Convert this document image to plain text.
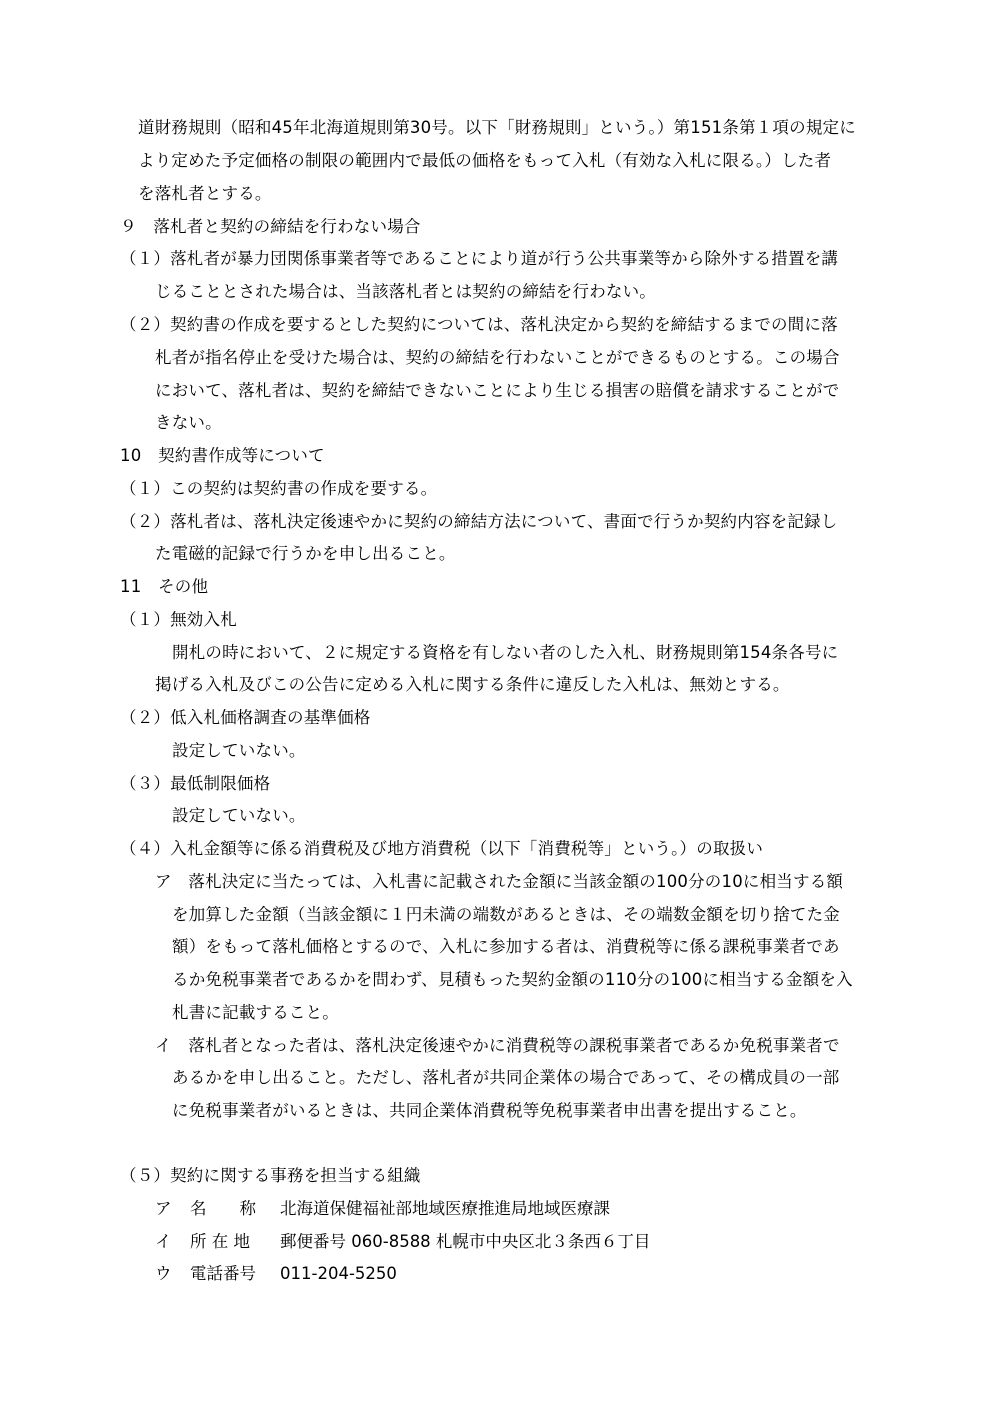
道財務規則（昭和45年北海道規則第30号。以下「財務規則」という。）第151条第１項の規定に
より定めた予定価格の制限の範囲内で最低の価格をもって入札（有効な入札に限る。）した者
を落札者とする。
９　落札者と契約の締結を行わない場合
（１）落札者が暴力団関係事業者等であることにより道が行う公共事業等から除外する措置を講
じることとされた場合は、当該落札者とは契約の締結を行わない。
（２）契約書の作成を要するとした契約については、落札決定から契約を締結するまでの間に落
札者が指名停止を受けた場合は、契約の締結を行わないことができるものとする。この場合
において、落札者は、契約を締結できないことにより生じる損害の賠償を請求することがで
きない。
10　契約書作成等について
（１）この契約は契約書の作成を要する。
（２）落札者は、落札決定後速やかに契約の締結方法について、書面で行うか契約内容を記録し
た電磁的記録で行うかを申し出ること。
11　その他
（１）無効入札
開札の時において、２に規定する資格を有しない者のした入札、財務規則第154条各号に
掲げる入札及びこの公告に定める入札に関する条件に違反した入札は、無効とする。
（２）低入札価格調査の基準価格
設定していない。
（３）最低制限価格
設定していない。
（４）入札金額等に係る消費税及び地方消費税（以下「消費税等」という。）の取扱い
ア　落札決定に当たっては、入札書に記載された金額に当該金額の100分の10に相当する額
を加算した金額（当該金額に１円未満の端数があるときは、その端数金額を切り捨てた金
額）をもって落札価格とするので、入札に参加する者は、消費税等に係る課税事業者であ
るか免税事業者であるかを問わず、見積もった契約金額の110分の100に相当する金額を入
札書に記載すること。
イ　落札者となった者は、落札決定後速やかに消費税等の課税事業者であるか免税事業者で
あるかを申し出ること。ただし、落札者が共同企業体の場合であって、その構成員の一部
に免税事業者がいるときは、共同企業体消費税等免税事業者申出書を提出すること。
（５）契約に関する事務を担当する組織
ア 名　　称 北海道保健福祉部地域医療推進局地域医療課
イ 所 在 地 郵便番号 060-8588 札幌市中央区北３条西６丁目
ウ 電話番号 011-204-5250
